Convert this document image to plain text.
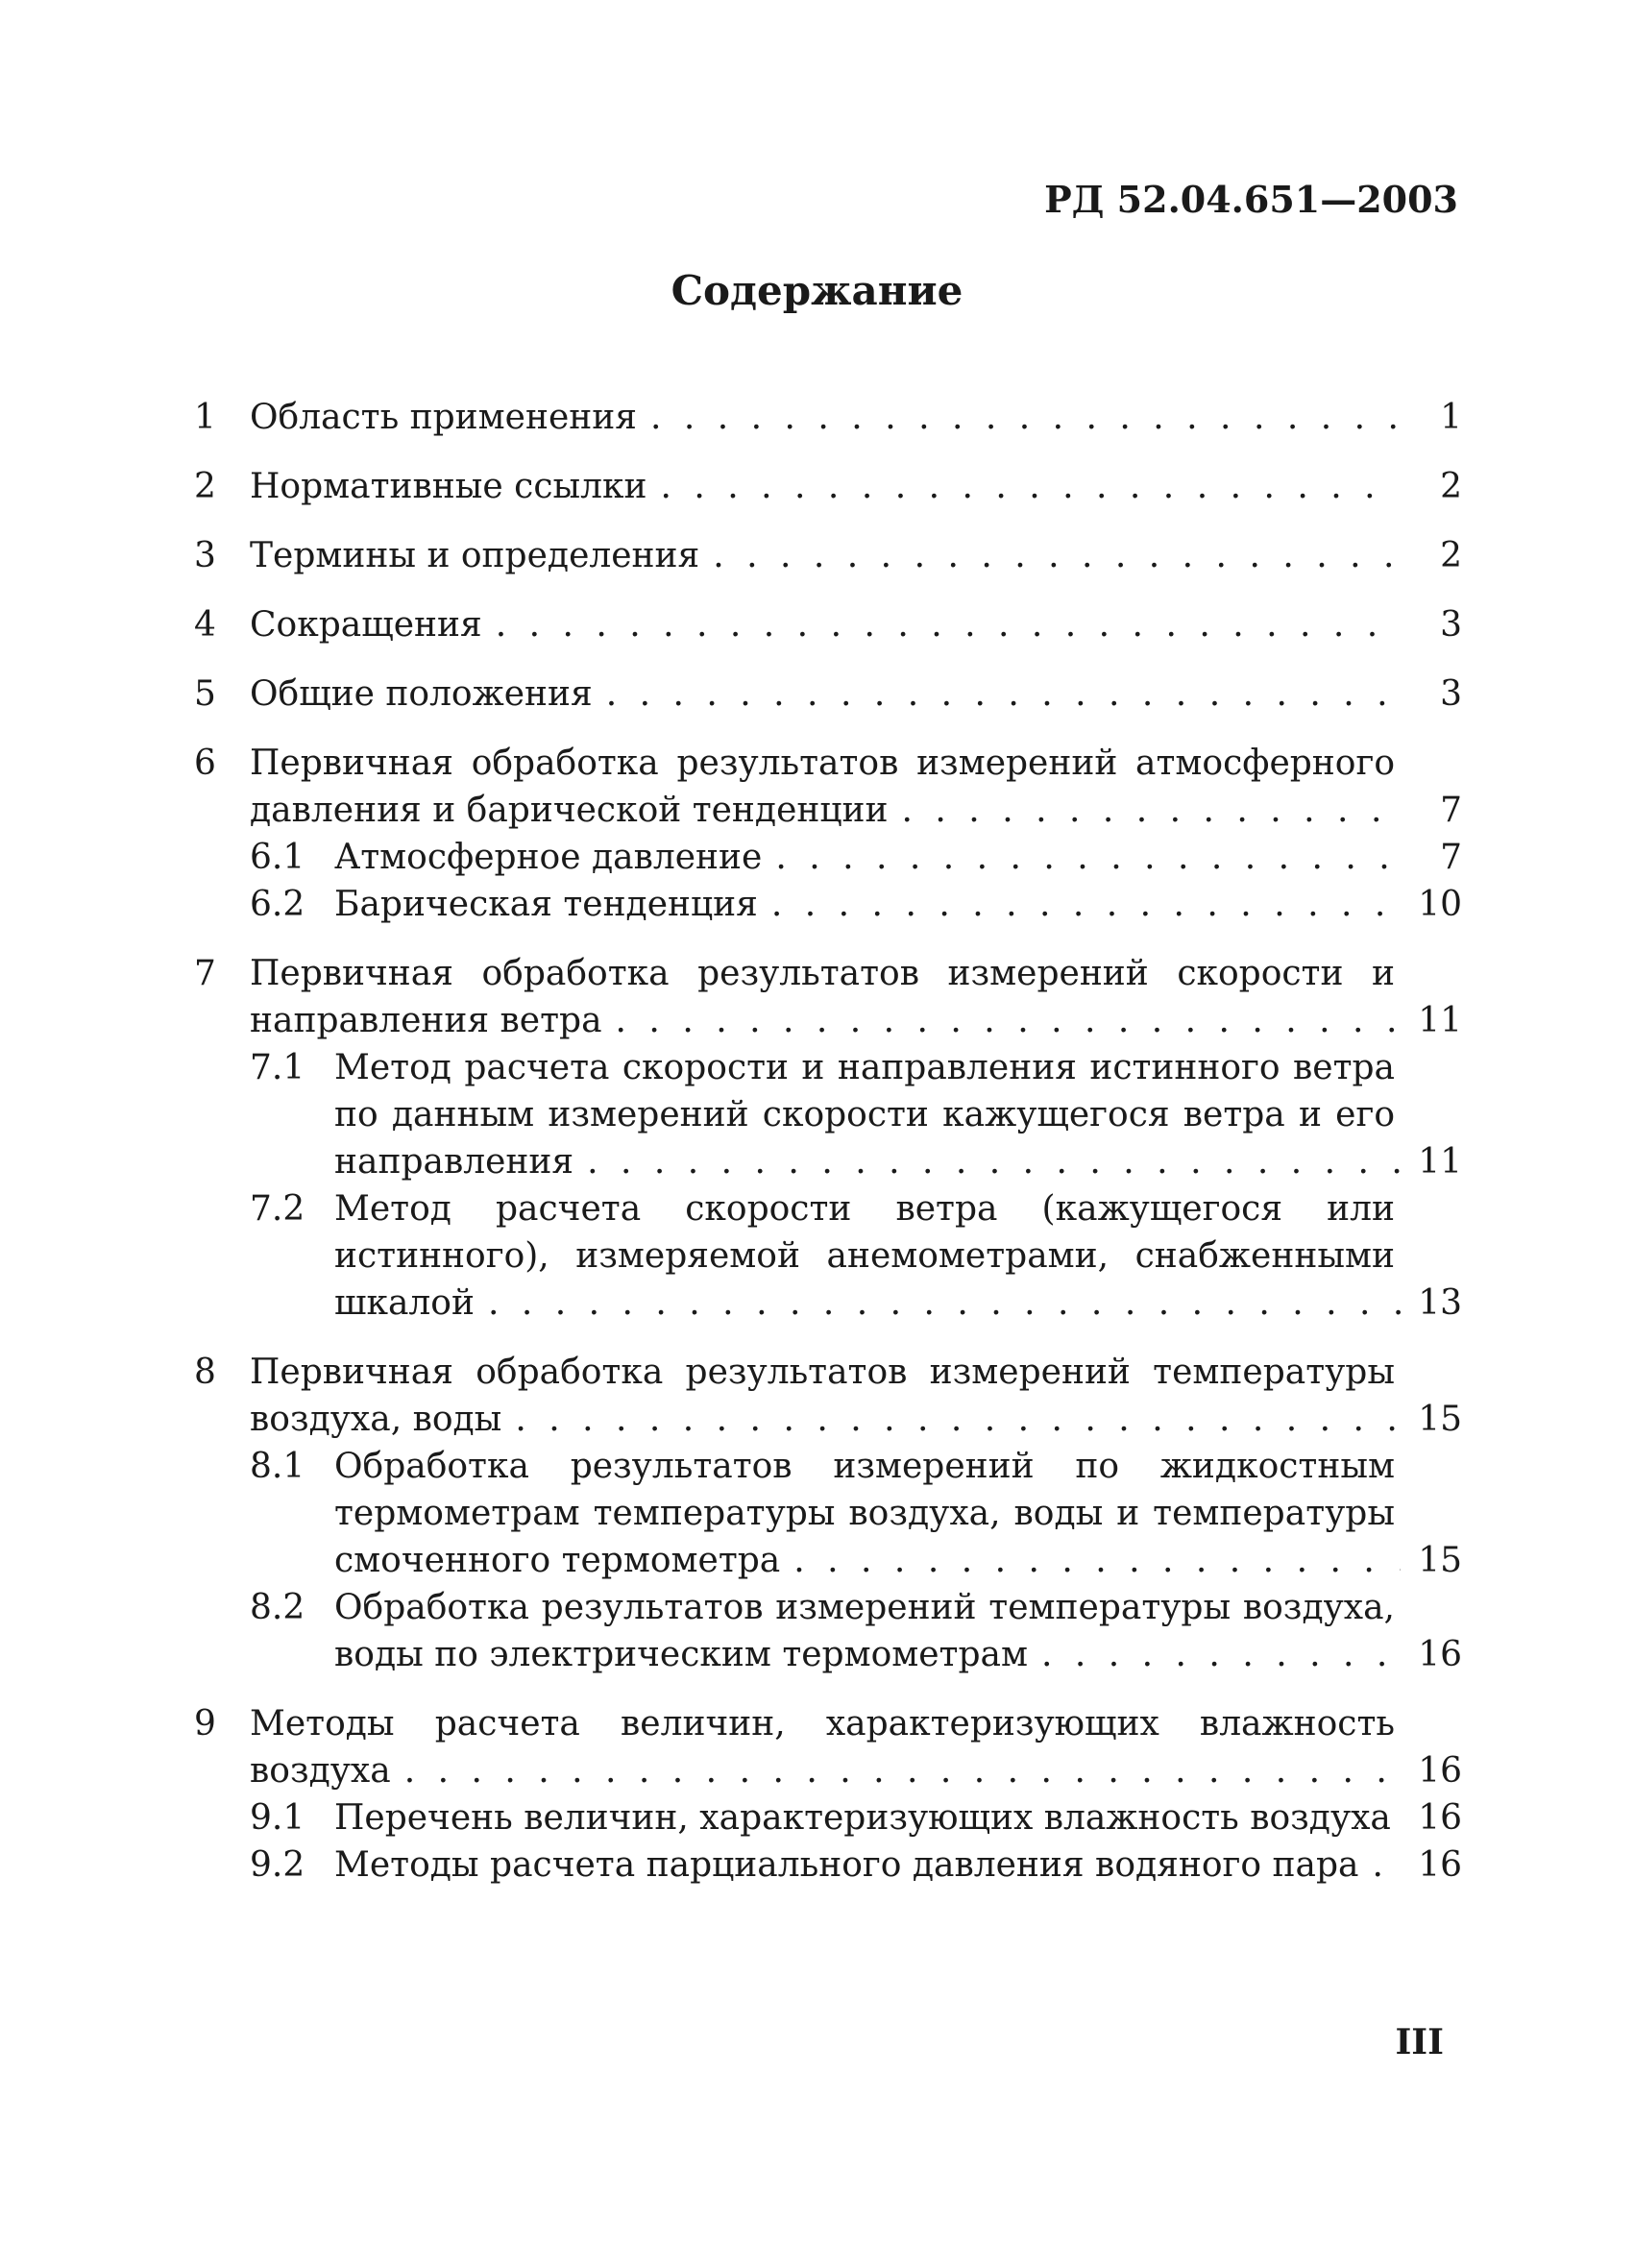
РД 52.04.651—2003
Содержание
1 Область применения	1
. . .
2 Нормативные ссылки	2
. . .
3 Термины и определения	2
. . .
4 Сокращения	3
. . .
5 Общие положения	3
. . .
6 Первичная обработка результатов измерений атмосферного давления и барической тенденции	7
. . .
6.1 Атмосферное давление	7
. . .
6.2 Барическая тенденция	10
. . .
7 Первичная обработка результатов измерений скорости и направления ветра	11
. . .
7.1 Метод расчета скорости и направления истинного ветра по данным измерений скорости кажущегося ветра и его направления	11
. . .
7.2 Метод расчета скорости ветра (кажущегося или истинного), измеряемой анемометрами, снабженными шкалой	13
. . .
8 Первичная обработка результатов измерений температуры воздуха, воды	15
. . .
8.1 Обработка результатов измерений по жидкостным термометрам температуры воздуха, воды и температуры смоченного термометра	15
. . .
8.2 Обработка результатов измерений температуры воздуха, воды по электрическим термометрам	16
. . .
9 Методы расчета величин, характеризующих влажность воздуха	16
. . .
9.1 Перечень величин, характеризующих влажность воздуха 16
. . .
9.2 Методы расчета парциального давления водяного пара	16
. . .
III
